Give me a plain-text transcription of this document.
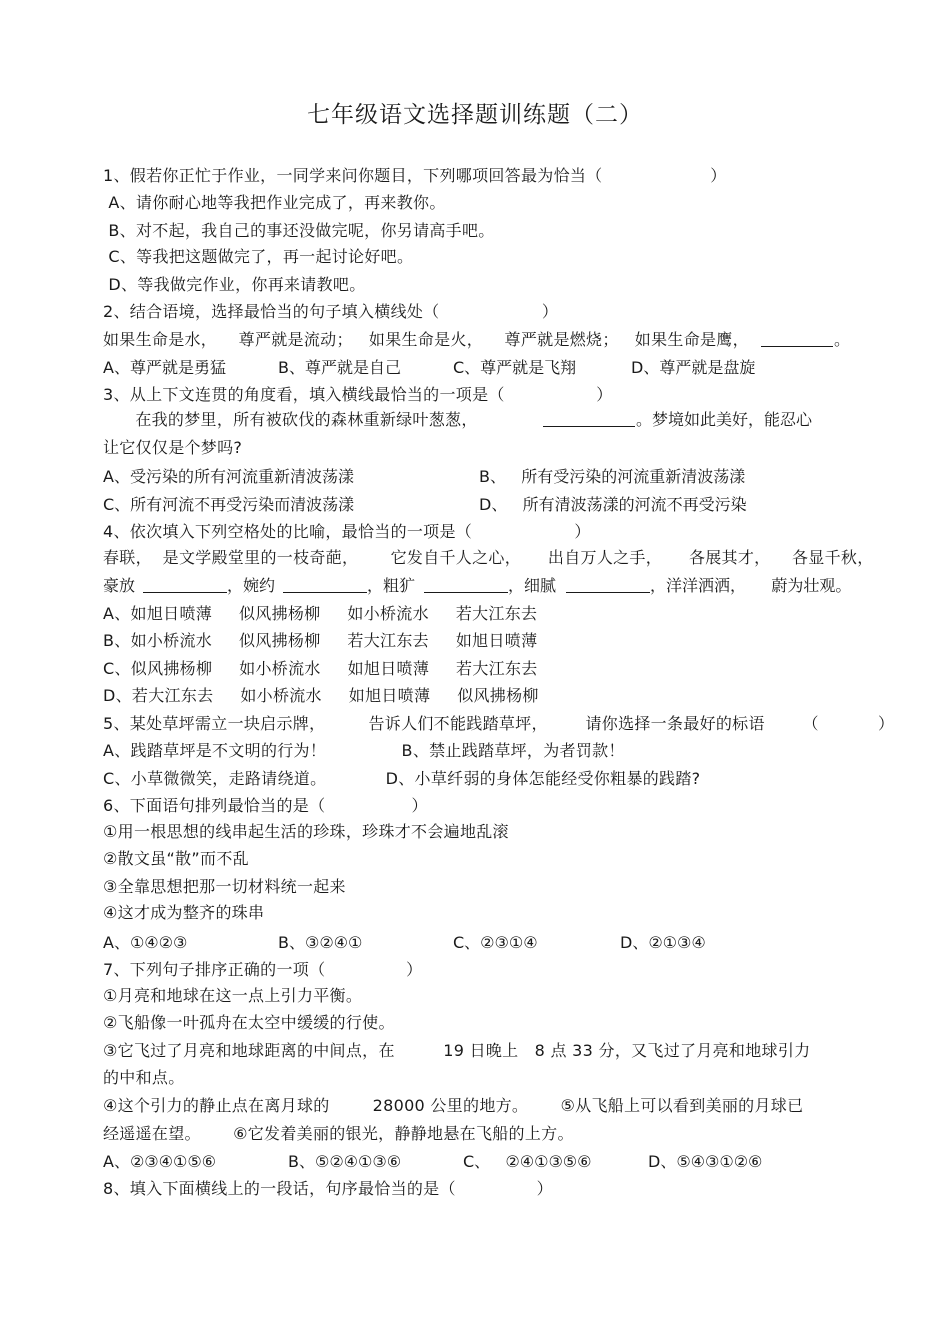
七年级语文选择题训练题（二）
1、假若你正忙于作业，一同学来问你题目，下列哪项回答最为恰当（                    ）
A、请你耐心地等我把作业完成了，再来教你。
B、对不起，我自己的事还没做完呢，你另请高手吧。
C、等我把这题做完了，再一起讨论好吧。
D、等我做完作业，你再来请教吧。
2、结合语境，选择最恰当的句子填入横线处（                   ）
如果生命是水，    尊严就是流动；   如果生命是火，    尊严就是燃烧；   如果生命是鹰，	。
A、尊严就是勇猛	B、尊严就是自己	C、尊严就是飞翔	D、尊严就是盘旋
3、从上下文连贯的角度看，填入横线最恰当的一项是（                 ）
在我的梦里，所有被砍伐的森林重新绿叶葱葱，	。梦境如此美好，能忍心
让它仅仅是个梦吗?
A、受污染的所有河流重新清波荡漾	B、   所有受污染的河流重新清波荡漾
C、所有河流不再受污染而清波荡漾	D、   所有清波荡漾的河流不再受污染
4、依次填入下列空格处的比喻，最恰当的一项是（                   ）
春联，  是文学殿堂里的一枝奇葩，      它发自千人之心，     出自万人之手，     各展其才，    各显千秋，
豪放	，婉约	，粗犷	，细腻	，洋洋洒洒，     蔚为壮观。
A、如旭日喷薄     似风拂杨柳     如小桥流水     若大江东去
B、如小桥流水     似风拂杨柳     若大江东去     如旭日喷薄
C、似风拂杨柳     如小桥流水     如旭日喷薄     若大江东去
D、若大江东去     如小桥流水     如旭日喷薄     似风拂杨柳
5、某处草坪需立一块启示牌，        告诉人们不能践踏草坪，       请你选择一条最好的标语       （           ）
A、践踏草坪是不文明的行为！              B、禁止践踏草坪，为者罚款！
C、小草微微笑，走路请绕道。           D、小草纤弱的身体怎能经受你粗暴的践踏?
6、下面语句排列最恰当的是（                ）
①用一根思想的线串起生活的珍珠，珍珠才不会遍地乱滚
②散文虽“散”而不乱
③全靠思想把那一切材料统一起来
④这才成为整齐的珠串
A、①④②③	B、③②④①	C、②③①④	D、②①③④
7、下列句子排序正确的一项（               ）
①月亮和地球在这一点上引力平衡。
②飞船像一叶孤舟在太空中缓缓的行使。
③它飞过了月亮和地球距离的中间点，在         19 日晚上   8 点 33 分，又飞过了月亮和地球引力
的中和点。
④这个引力的静止点在离月球的        28000 公里的地方。      ⑤从飞船上可以看到美丽的月球已
经遥遥在望。      ⑥它发着美丽的银光，静静地悬在飞船的上方。
A、②③④①⑤⑥	B、⑤②④①③⑥	C、   ②④①③⑤⑥	D、⑤④③①②⑥
8、填入下面横线上的一段话，句序最恰当的是（               ）
